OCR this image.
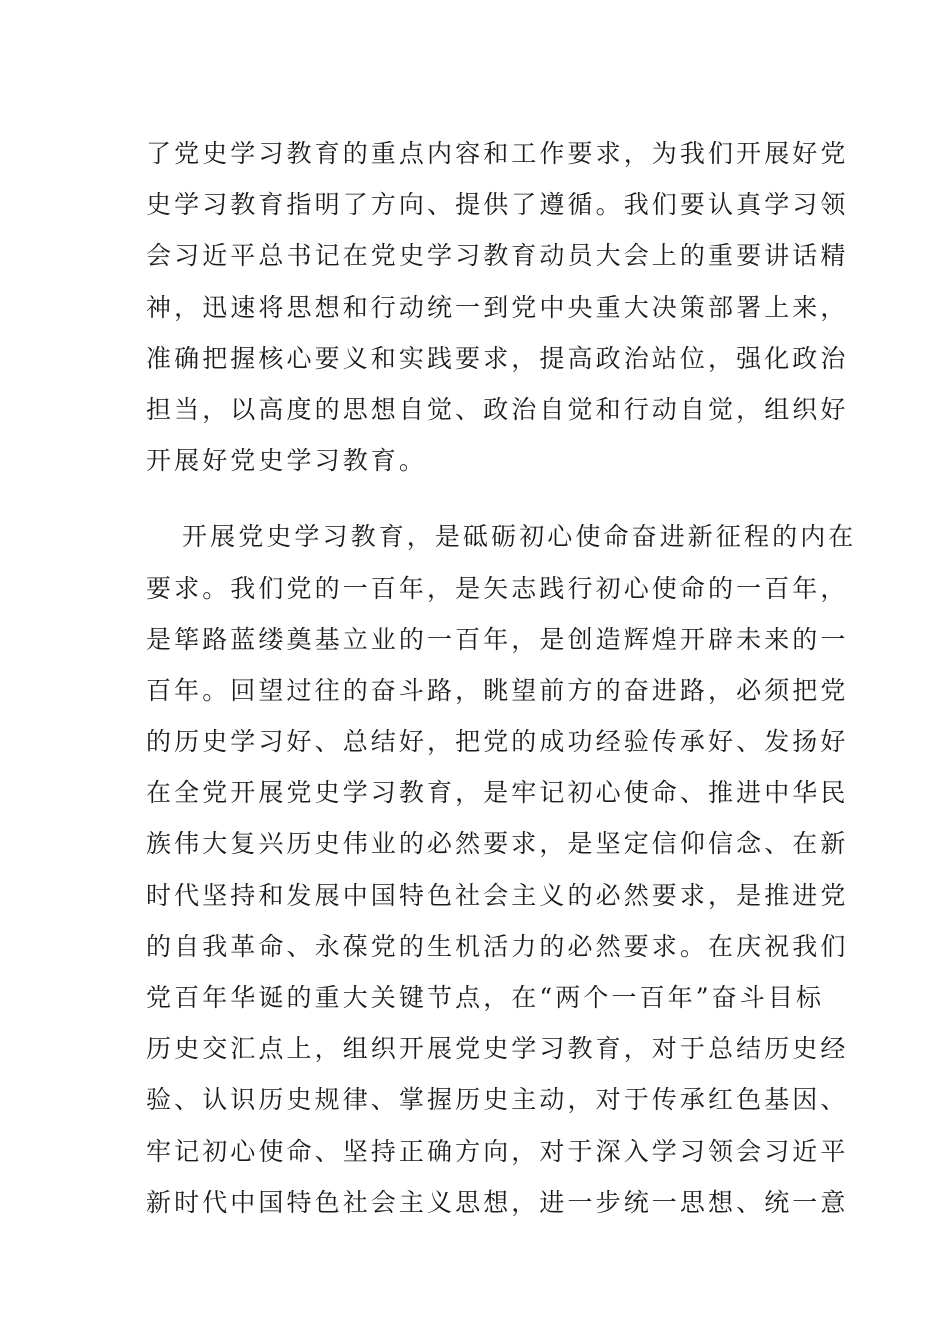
了党史学习教育的重点内容和工作要求，为我们开展好党
史学习教育指明了方向、提供了遵循。我们要认真学习领
会习近平总书记在党史学习教育动员大会上的重要讲话精
神，迅速将思想和行动统一到党中央重大决策部署上来，
准确把握核心要义和实践要求，提高政治站位，强化政治
担当，以高度的思想自觉、政治自觉和行动自觉，组织好
开展好党史学习教育。
开展党史学习教育，是砥砺初心使命奋进新征程的内在
要求。我们党的一百年，是矢志践行初心使命的一百年，
是筚路蓝缕奠基立业的一百年，是创造辉煌开辟未来的一
百年。回望过往的奋斗路，眺望前方的奋进路，必须把党
的历史学习好、总结好，把党的成功经验传承好、发扬好
在全党开展党史学习教育，是牢记初心使命、推进中华民
族伟大复兴历史伟业的必然要求，是坚定信仰信念、在新
时代坚持和发展中国特色社会主义的必然要求，是推进党
的自我革命、永葆党的生机活力的必然要求。在庆祝我们
党百年华诞的重大关键节点，在“两个一百年”奋斗目标
历史交汇点上，组织开展党史学习教育，对于总结历史经
验、认识历史规律、掌握历史主动，对于传承红色基因、
牢记初心使命、坚持正确方向，对于深入学习领会习近平
新时代中国特色社会主义思想，进一步统一思想、统一意
